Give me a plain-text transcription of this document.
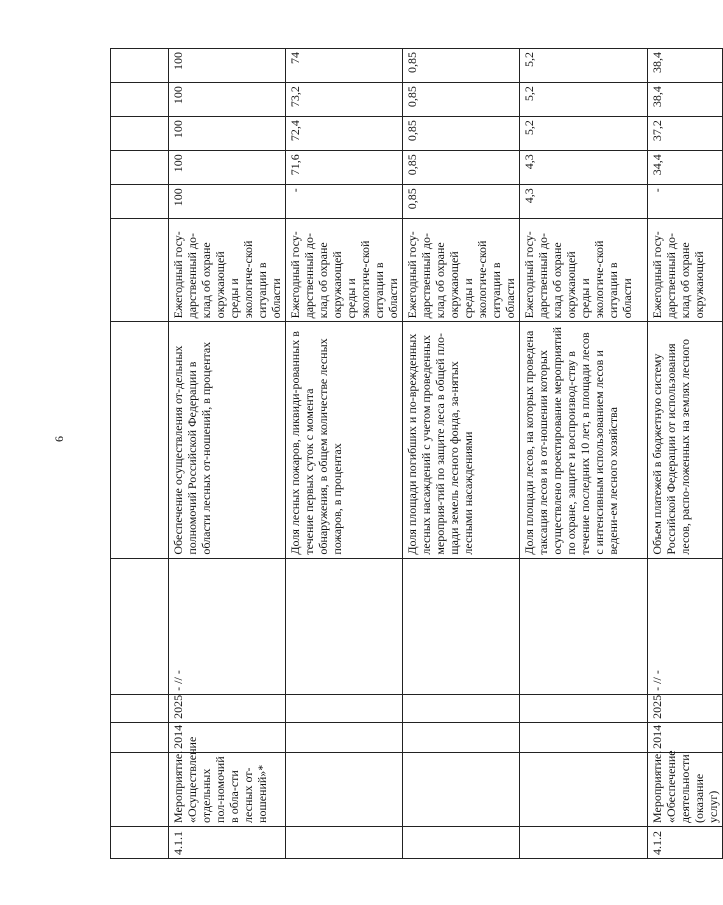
6

4.1.1	Мероприятие. «Осуществление отдельных пол-номочий в обла-сти лесных от-ношений»*	2014	2025	- // -	Обеспечение осуществления от-дельных полномочий Российской Федерации в области лесных от-ношений, в процентах	Ежегодный госу-дарственный до-клад об охране окружающей среды и экологиче-ской ситуации в области	100	100	100	100	100
					Доля лесных пожаров, ликвиди-рованных в течение первых суток с момента обнаружения, в общем количестве лесных пожаров, в процентах	Ежегодный госу-дарственный до-клад об охране окружающей среды и экологиче-ской ситуации в области	-	71,6	72,4	73,2	74
					Доля площади погибших и по-врежденных лесных насаждений с учетом проведенных мероприя-тий по защите леса в общей пло-щади земель лесного фонда, за-нятых лесными насаждениями	Ежегодный госу-дарственный до-клад об охране окружающей среды и экологиче-ской ситуации в области	0,85	0,85	0,85	0,85	0,85
					Доля площади лесов, на которых проведена таксация лесов и в от-ношении которых осуществлено проектирование мероприятий по охране, защите и воспроизвод-ству в течение последних 10 лет, в площади лесов с интенсивным использованием лесов и ведени-ем лесного хозяйства	Ежегодный госу-дарственный до-клад об охране окружающей среды и экологиче-ской ситуации в области	4,3	4,3	5,2	5,2	5,2
4.1.2	Мероприятие. «Обеспечение деятельности (оказание услуг)	2014	2025	- // -	Объем платежей в бюджетную систему Российской Федерации от использования лесов, распо-ложенных на землях лесного	Ежегодный госу-дарственный до-клад об охране окружающей	-	34,4	37,2	38,4	38,4
